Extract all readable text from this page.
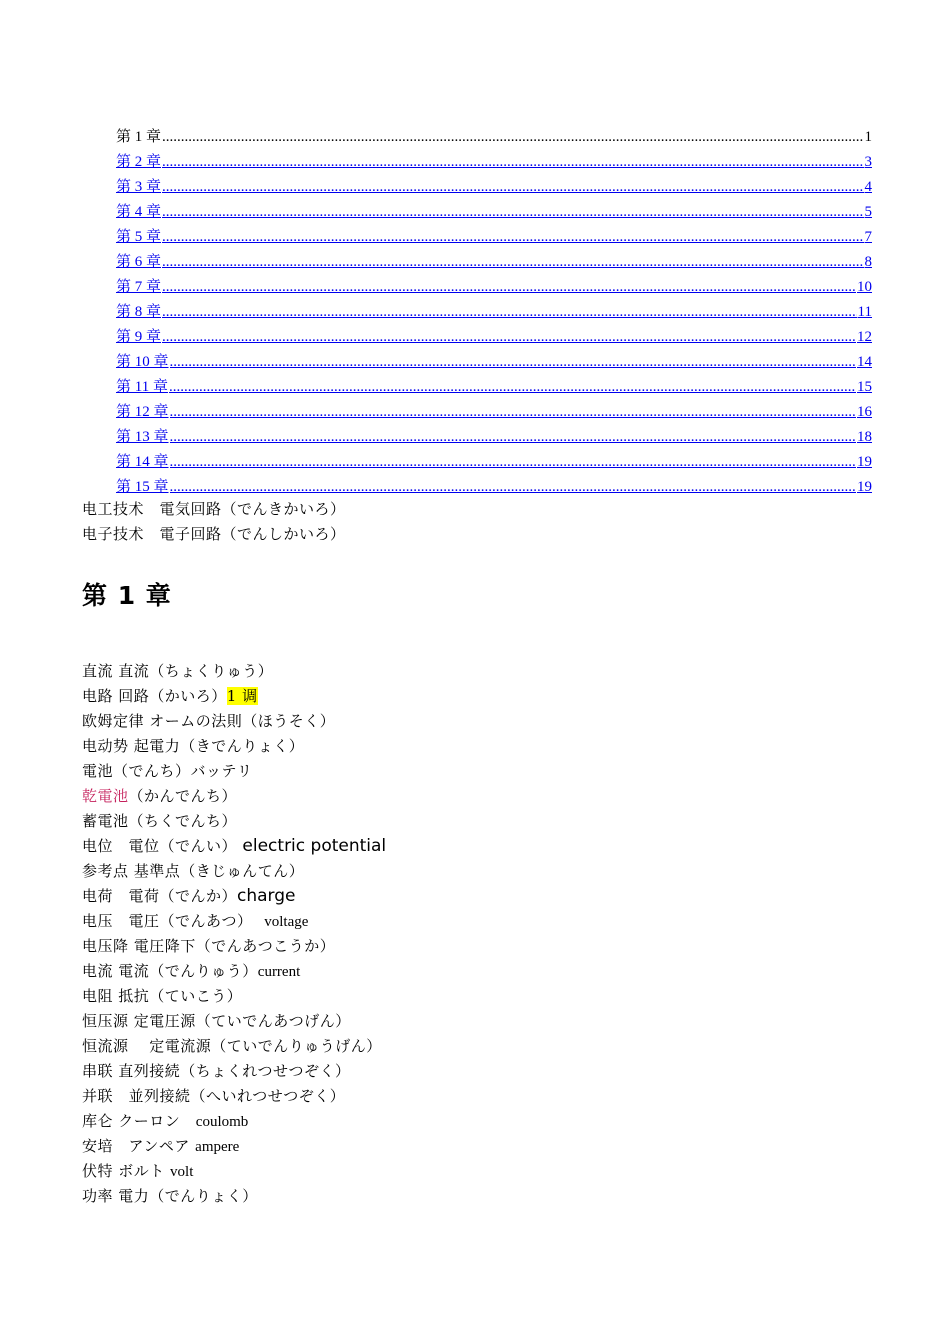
第 1 章 .....	1
第 2 章 .....	3
第 3 章 .....	4
第 4 章 .....	5
第 5 章 .....	7
第 6 章 .....	8
第 7 章 .....	10
第 8 章 .....	11
第 9 章 .....	12
第 10 章 .....	14
第 11 章 .....	15
第 12 章 .....	16
第 13 章 .....	18
第 14 章 .....	19
第 15 章 .....	19
电工技术　電気回路（でんきかいろ）
电子技术　電子回路（でんしかいろ）
第 1 章
直流 直流（ちょくりゅう）
电路 回路（かいろ）1 调
欧姆定律 オームの法則（ほうそく）
电动势 起電力（きでんりょく）
電池（でんち）バッテリ
乾電池（かんでんち）
蓄電池（ちくでんち）
电位　電位（でんい） electric potential
参考点 基準点（きじゅんてん）
电荷　電荷（でんか）charge
电压　電圧（でんあつ）　 voltage
电压降 電圧降下（でんあつこうか）
电流 電流（でんりゅう）current
电阻 抵抗（ていこう）
恒压源 定電圧源（ていでんあつげん）
恒流源　 定電流源（ていでんりゅうげん）
串联 直列接続（ちょくれつせつぞく）
并联　並列接続（へいれつせつぞく）
库仑 クーロン　coulomb
安培　アンペア ampere
伏特 ボルト volt
功率 電力（でんりょく）
